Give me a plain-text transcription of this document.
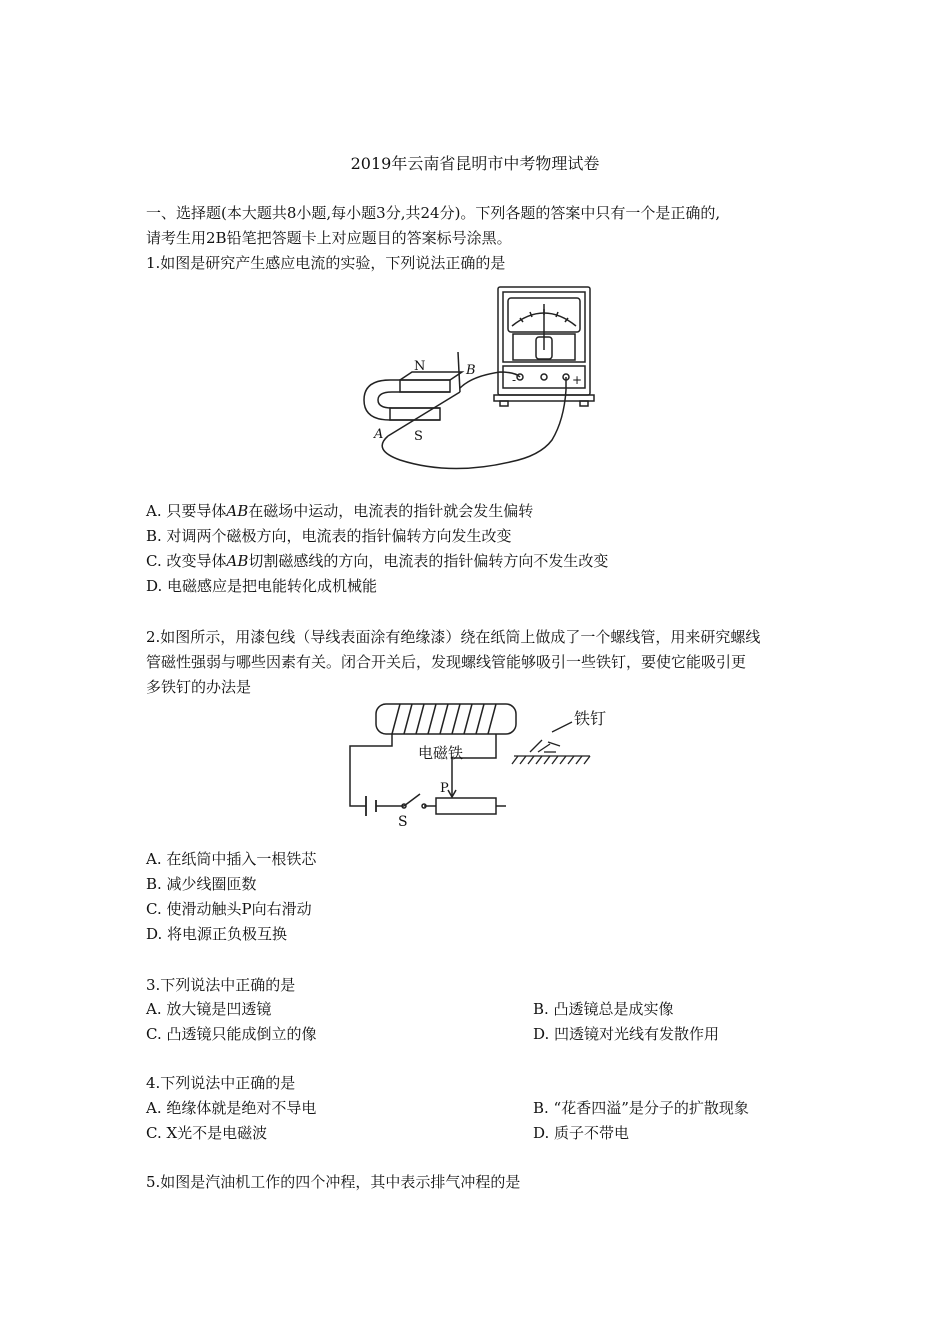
2019年云南省昆明市中考物理试卷
一、选择题(本大题共8小题,每小题3分,共24分)。下列各题的答案中只有一个是正确的,
请考生用2B铅笔把答题卡上对应题目的答案标号涂黑。
1.如图是研究产生感应电流的实验，下列说法正确的是
-	+
N
S
B
A
A. 只要导体AB在磁场中运动，电流表的指针就会发生偏转
B. 对调两个磁极方向，电流表的指针偏转方向发生改变
C. 改变导体AB切割磁感线的方向，电流表的指针偏转方向不发生改变
D. 电磁感应是把电能转化成机械能
2.如图所示，用漆包线（导线表面涂有绝缘漆）绕在纸筒上做成了一个螺线管，用来研究螺线
管磁性强弱与哪些因素有关。闭合开关后，发现螺线管能够吸引一些铁钉，要使它能吸引更
多铁钉的办法是
S
P
电磁铁
铁钉
A. 在纸筒中插入一根铁芯
B. 减少线圈匝数
C. 使滑动触头P向右滑动
D. 将电源正负极互换
3.下列说法中正确的是
A. 放大镜是凹透镜	B. 凸透镜总是成实像
C. 凸透镜只能成倒立的像	D. 凹透镜对光线有发散作用
4.下列说法中正确的是
A. 绝缘体就是绝对不导电	B. “花香四溢”是分子的扩散现象
C. X光不是电磁波	D. 质子不带电
5.如图是汽油机工作的四个冲程，其中表示排气冲程的是
